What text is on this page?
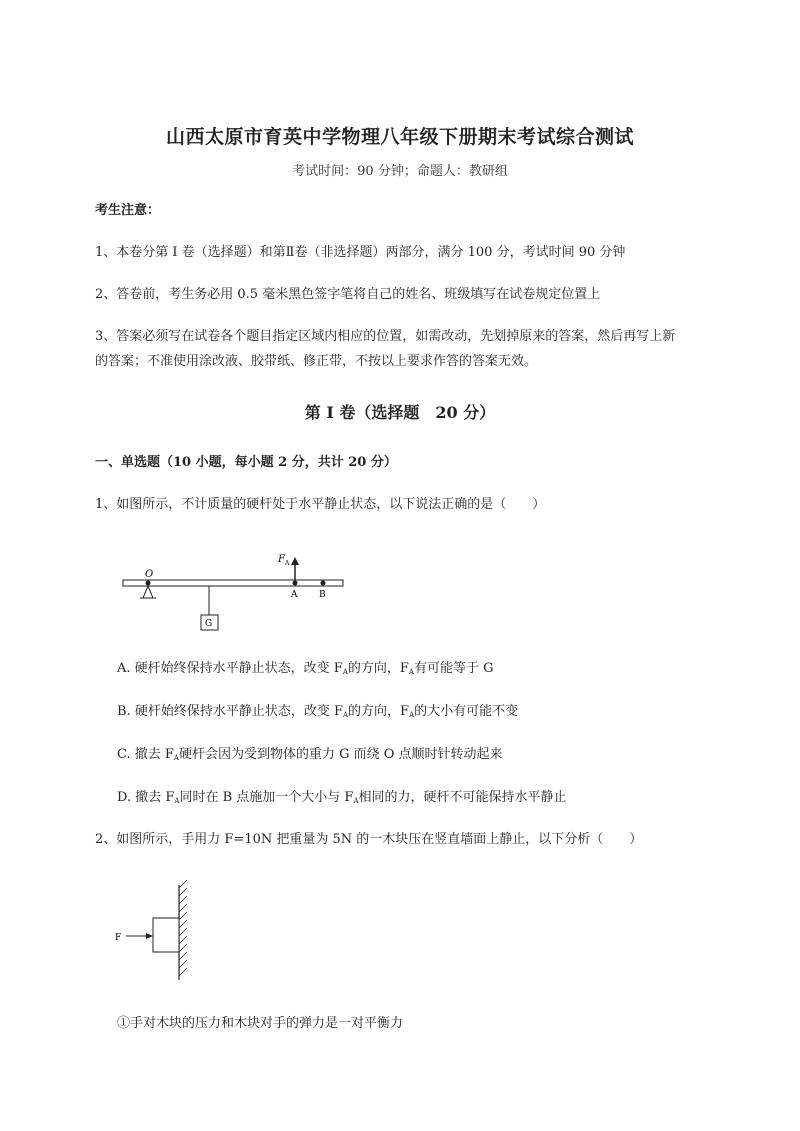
山西太原市育英中学物理八年级下册期末考试综合测试
考试时间：90 分钟；命题人：教研组
考生注意：
1、本卷分第 I 卷（选择题）和第Ⅱ卷（非选择题）两部分，满分 100 分，考试时间 90 分钟
2、答卷前，考生务必用 0.5 毫米黑色签字笔将自己的姓名、班级填写在试卷规定位置上
3、答案必须写在试卷各个题目指定区域内相应的位置，如需改动，先划掉原来的答案，然后再写上新
的答案；不准使用涂改液、胶带纸、修正带，不按以上要求作答的答案无效。
第 I 卷（选择题　20 分）
一、单选题（10 小题，每小题 2 分，共计 20 分）
1、如图所示，不计质量的硬杆处于水平静止状态，以下说法正确的是（　　）
O
G
F A
A B
A. 硬杆始终保持水平静止状态，改变 $F_A$的方向，$F_A$有可能等于 G
B. 硬杆始终保持水平静止状态，改变 $F_A$的方向，$F_A$的大小有可能不变
C. 撤去 $F_A$硬杆会因为受到物体的重力 G 而绕 O 点顺时针转动起来
D. 撤去 $F_A$同时在 B 点施加一个大小与 $F_A$相同的力，硬杆不可能保持水平静止
2、如图所示，手用力 F=10N 把重量为 5N 的一木块压在竖直墙面上静止，以下分析（　　）
F
①手对木块的压力和木块对手的弹力是一对平衡力
